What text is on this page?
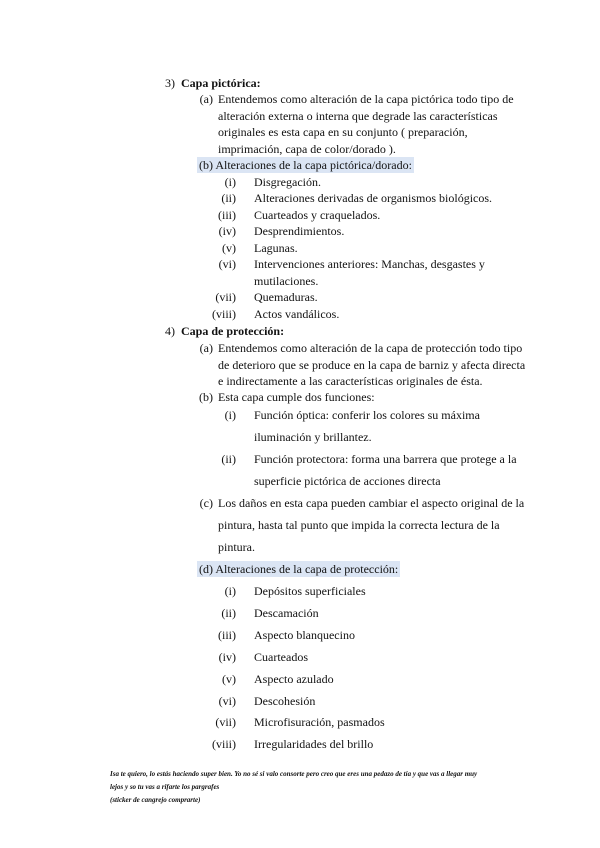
3) Capa pictórica:
(a) Entendemos como alteración de la capa pictórica todo tipo de
alteración externa o interna que degrade las características
originales es esta capa en su conjunto ( preparación,
imprimación, capa de color/dorado ).
(b) Alteraciones de la capa pictórica/dorado:
(i) Disgregación.
(ii) Alteraciones derivadas de organismos biológicos.
(iii) Cuarteados y craquelados.
(iv) Desprendimientos.
(v) Lagunas.
(vi) Intervenciones anteriores: Manchas, desgastes y
mutilaciones.
(vii) Quemaduras.
(viii) Actos vandálicos.
4) Capa de protección:
(a) Entendemos como alteración de la capa de protección todo tipo
de deterioro que se produce en la capa de barniz y afecta directa
e indirectamente a las características originales de ésta.
(b) Esta capa cumple dos funciones:
(i) Función óptica: conferir los colores su máxima
iluminación y brillantez.
(ii) Función protectora: forma una barrera que protege a la
superficie pictórica de acciones directa
(c) Los daños en esta capa pueden cambiar el aspecto original de la
pintura, hasta tal punto que impida la correcta lectura de la
pintura.
(d) Alteraciones de la capa de protección:
(i) Depósitos superficiales
(ii) Descamación
(iii) Aspecto blanquecino
(iv) Cuarteados
(v) Aspecto azulado
(vi) Descohesión
(vii) Microfisuración, pasmados
(viii) Irregularidades del brillo
Isa te quiero, lo estás haciendo super bien. Yo no sé si valo consorte pero creo que eres una pedazo de tía y que vas a llegar muy
lejos y so tu vas a rifarte los pargrafes
(sticker de cangrejo comprarte)
